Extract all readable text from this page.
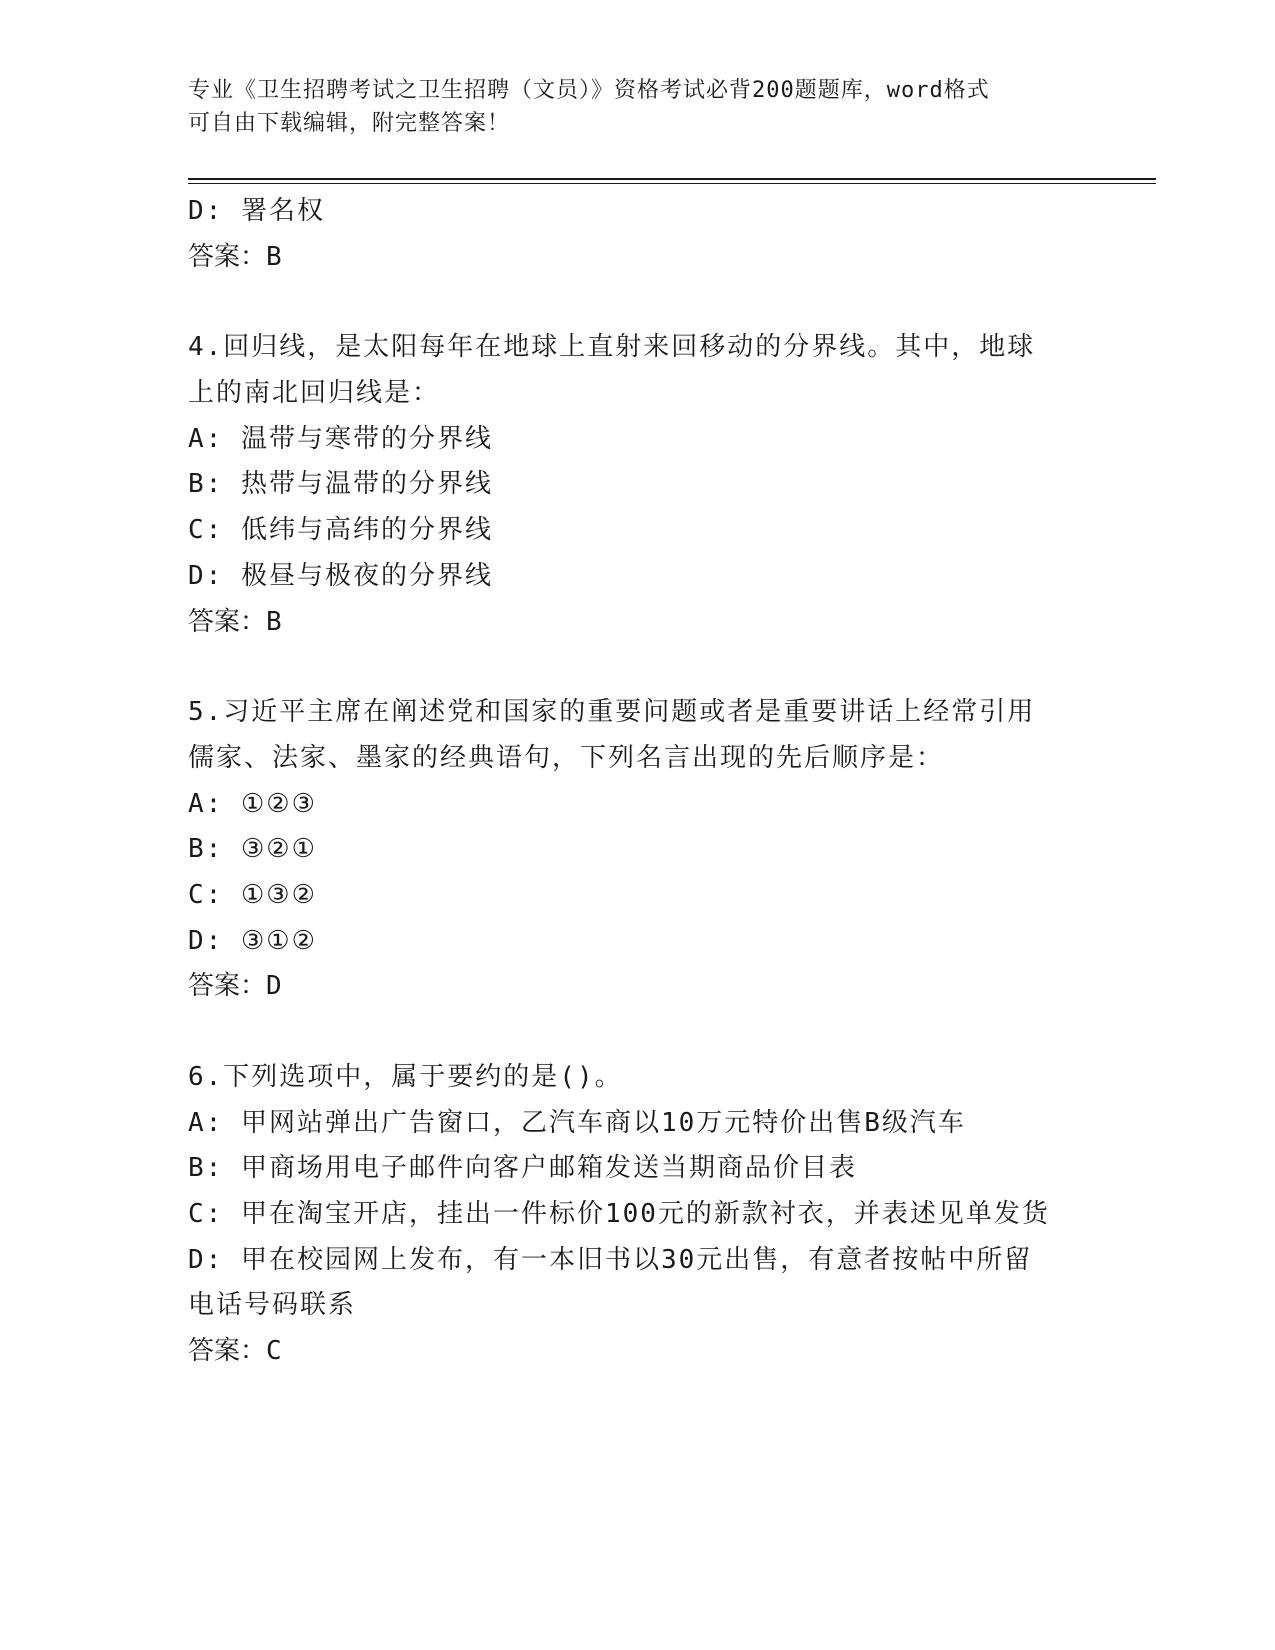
专业《卫生招聘考试之卫生招聘（文员）》资格考试必背200题题库，word格式
可自由下载编辑，附完整答案！
D: 署名权
答案：B
4.回归线，是太阳每年在地球上直射来回移动的分界线。其中，地球
上的南北回归线是：
A: 温带与寒带的分界线
B: 热带与温带的分界线
C: 低纬与高纬的分界线
D: 极昼与极夜的分界线
答案：B
5.习近平主席在阐述党和国家的重要问题或者是重要讲话上经常引用
儒家、法家、墨家的经典语句，下列名言出现的先后顺序是：
A: ①②③
B: ③②①
C: ①③②
D: ③①②
答案：D
6.下列选项中，属于要约的是()。
A: 甲网站弹出广告窗口，乙汽车商以10万元特价出售B级汽车
B: 甲商场用电子邮件向客户邮箱发送当期商品价目表
C: 甲在淘宝开店，挂出一件标价100元的新款衬衣，并表述见单发货
D: 甲在校园网上发布，有一本旧书以30元出售，有意者按帖中所留
电话号码联系
答案：C
